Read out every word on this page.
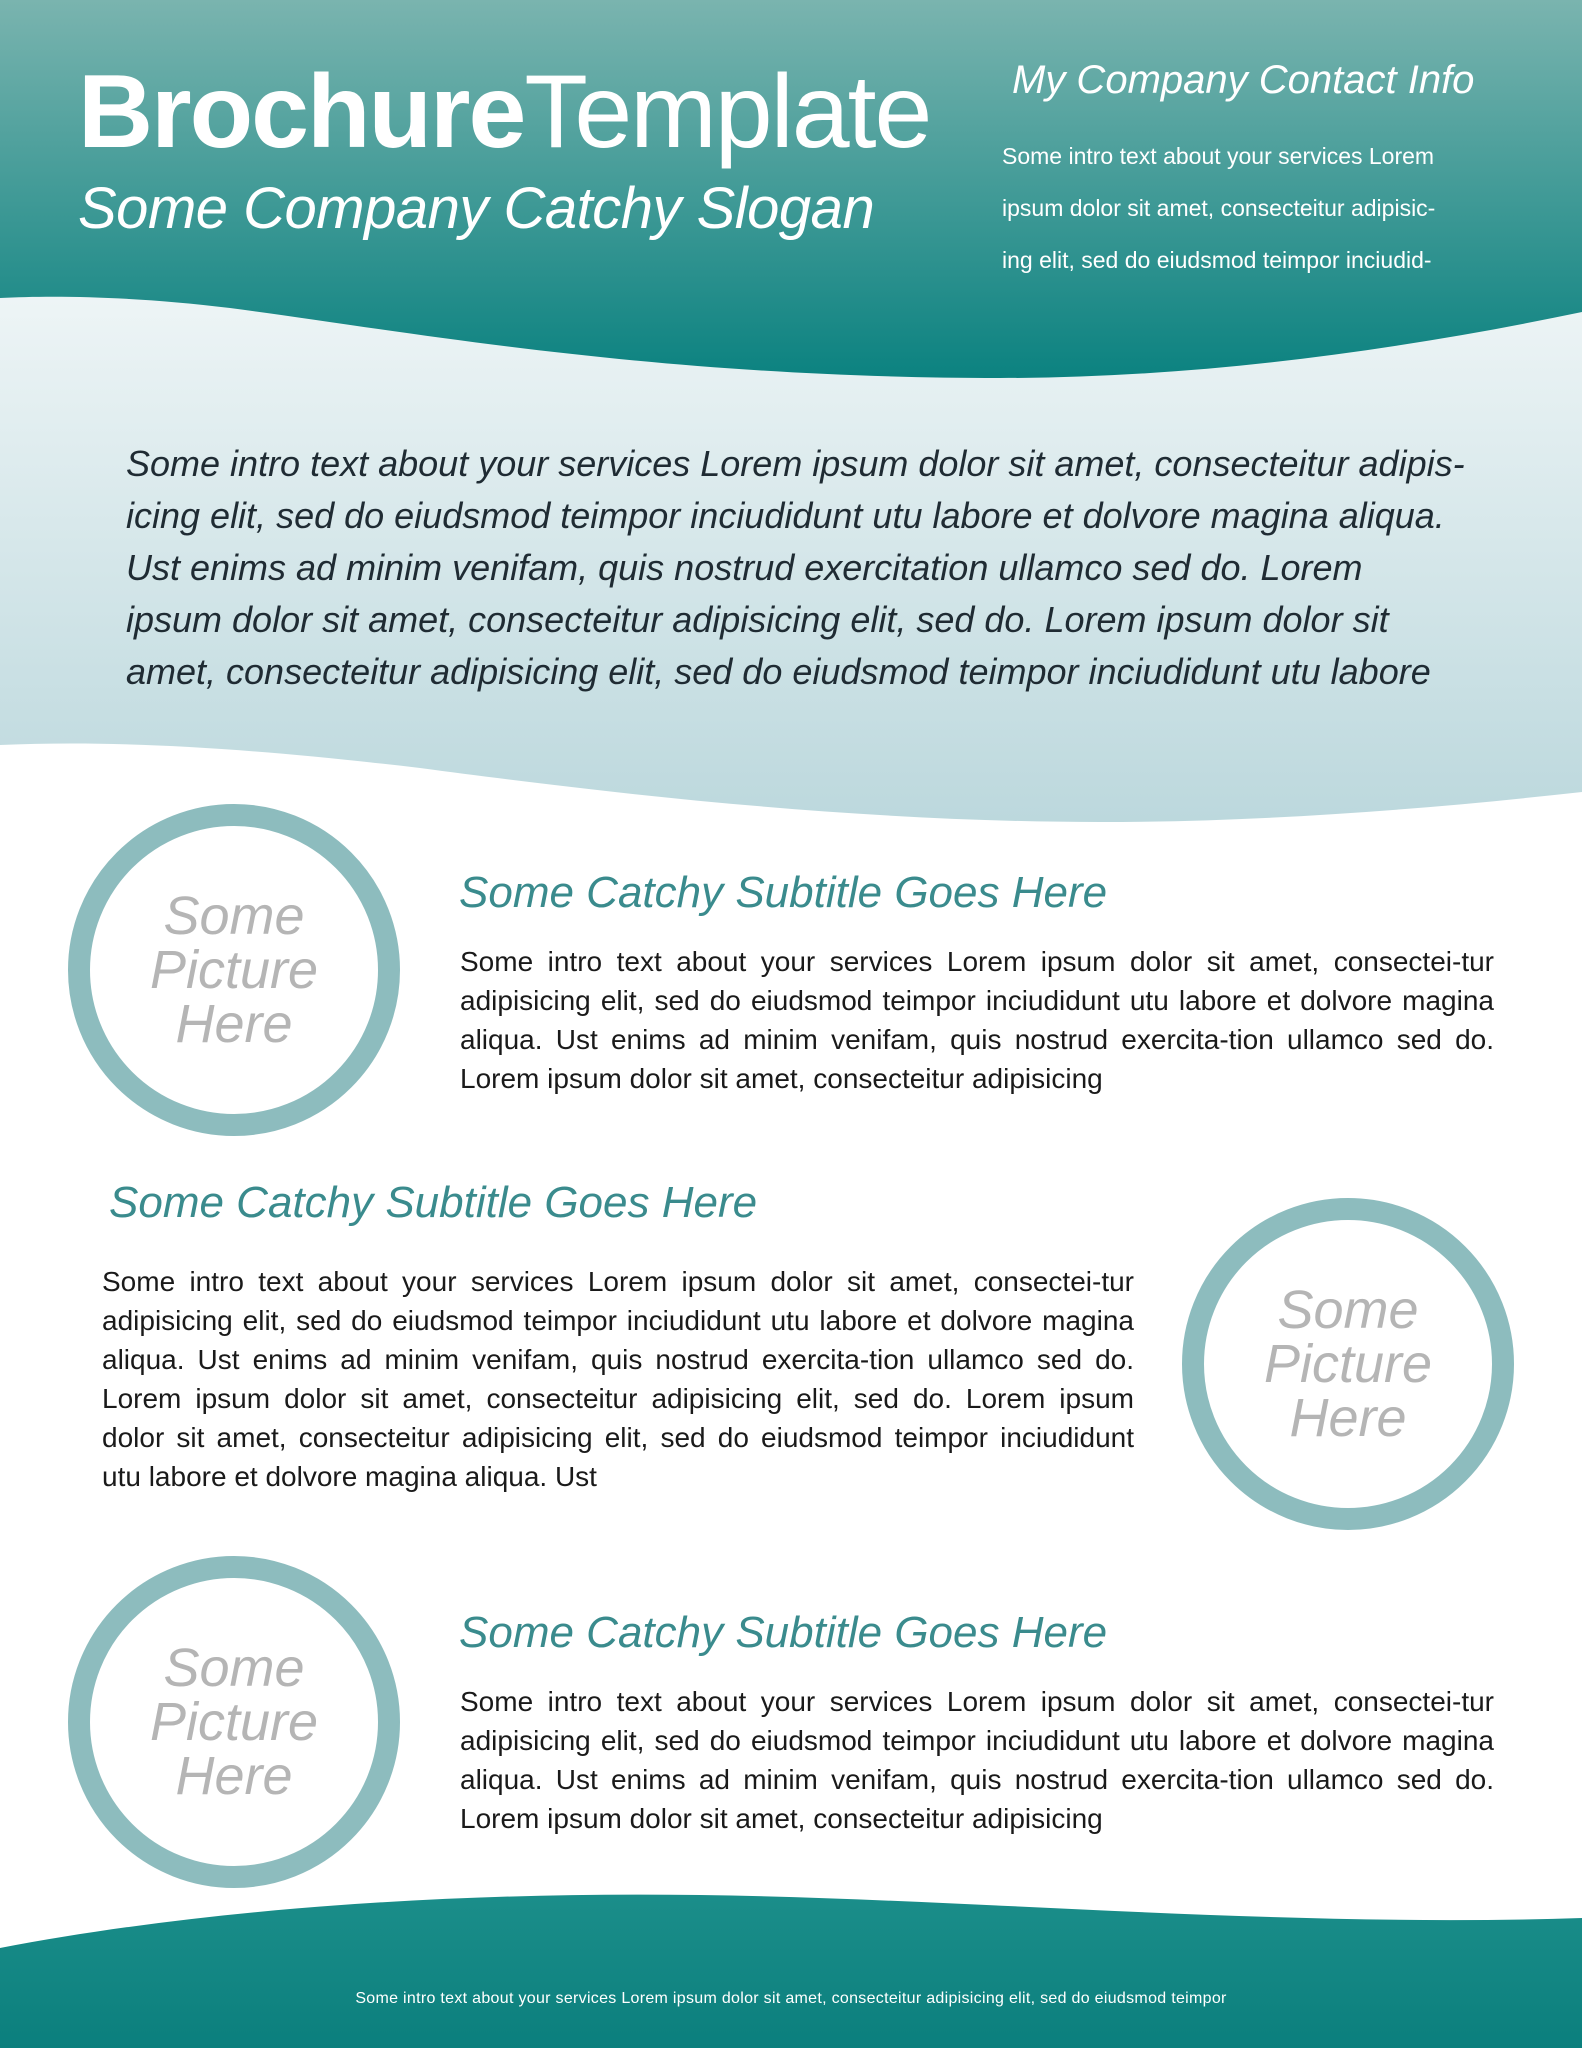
BrochureTemplate
Some Company Catchy Slogan
My Company Contact Info
Some intro text about your services Lorem
ipsum dolor sit amet, consecteitur adipisic-
ing elit, sed do eiudsmod teimpor inciudid-
Some intro text about your services Lorem ipsum dolor sit amet, consecteitur adipis-
icing elit, sed do eiudsmod teimpor inciudidunt utu labore et dolvore magina aliqua.
Ust enims ad minim venifam, quis nostrud exercitation ullamco sed do. Lorem
ipsum dolor sit amet, consecteitur adipisicing elit, sed do. Lorem ipsum dolor sit
amet, consecteitur adipisicing elit, sed do eiudsmod teimpor inciudidunt utu labore
Some
Picture
Here
Some Catchy Subtitle Goes Here
Some intro text about your services Lorem ipsum dolor sit amet, consectei-tur adipisicing elit, sed do eiudsmod teimpor inciudidunt utu labore et dolvore magina aliqua. Ust enims ad minim venifam, quis nostrud exercita-tion ullamco sed do. Lorem ipsum dolor sit amet, consecteitur adipisicing
Some Catchy Subtitle Goes Here
Some intro text about your services Lorem ipsum dolor sit amet, consectei-tur adipisicing elit, sed do eiudsmod teimpor inciudidunt utu labore et dolvore magina aliqua. Ust enims ad minim venifam, quis nostrud exercita-tion ullamco sed do. Lorem ipsum dolor sit amet, consecteitur adipisicing elit, sed do. Lorem ipsum dolor sit amet, consecteitur adipisicing elit, sed do eiudsmod teimpor inciudidunt utu labore et dolvore magina aliqua. Ust
Some
Picture
Here
Some
Picture
Here
Some Catchy Subtitle Goes Here
Some intro text about your services Lorem ipsum dolor sit amet, consectei-tur adipisicing elit, sed do eiudsmod teimpor inciudidunt utu labore et dolvore magina aliqua. Ust enims ad minim venifam, quis nostrud exercita-tion ullamco sed do. Lorem ipsum dolor sit amet, consecteitur adipisicing
Some intro text about your services Lorem ipsum dolor sit amet, consecteitur adipisicing elit, sed do eiudsmod teimpor
